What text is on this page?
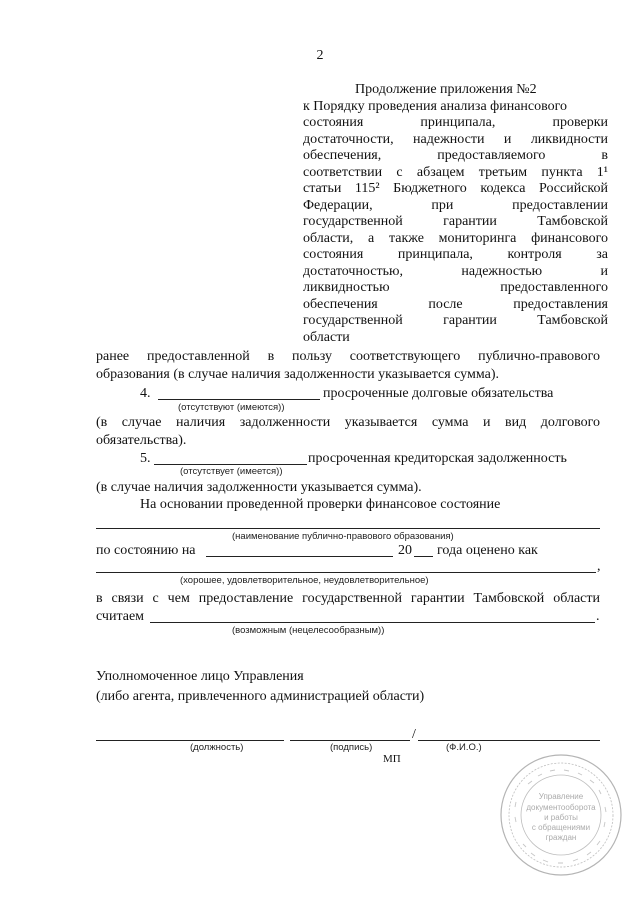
2
Продолжение приложения №2
к Порядку проведения анализа финансового
состояния принципала, проверки
достаточности, надежности и ликвидности
обеспечения, предоставляемого в
соответствии с абзацем третьим пункта 1¹
статьи 115² Бюджетного кодекса Российской
Федерации, при предоставлении
государственной гарантии Тамбовской
области, а также мониторинга финансового
состояния принципала, контроля за
достаточностью, надежностью и
ликвидностью предоставленного
обеспечения после предоставления
государственной гарантии Тамбовской
области
ранее предоставленной в пользу соответствующего публично-правового
образования (в случае наличия задолженности указывается сумма).
4.	просроченные долговые обязательства
(отсутствуют (имеются))
(в случае наличия задолженности указывается сумма и вид долгового
обязательства).
5.	просроченная кредиторская задолженность
(отсутствует (имеется))
(в случае наличия задолженности указывается сумма).
На основании проведенной проверки финансовое состояние
(наименование публично-правового образования)
по состоянию на	20 года оценено как
,
(хорошее, удовлетворительное, неудовлетворительное)
в связи с чем предоставление государственной гарантии Тамбовской области
считаем	.
(возможным (нецелесообразным))
Уполномоченное лицо Управления
(либо агента, привлеченного администрацией области)
/
(должность)	(подпись)	(Ф.И.О.)
МП
Управление
документооборота
и работы
с обращениями
граждан
